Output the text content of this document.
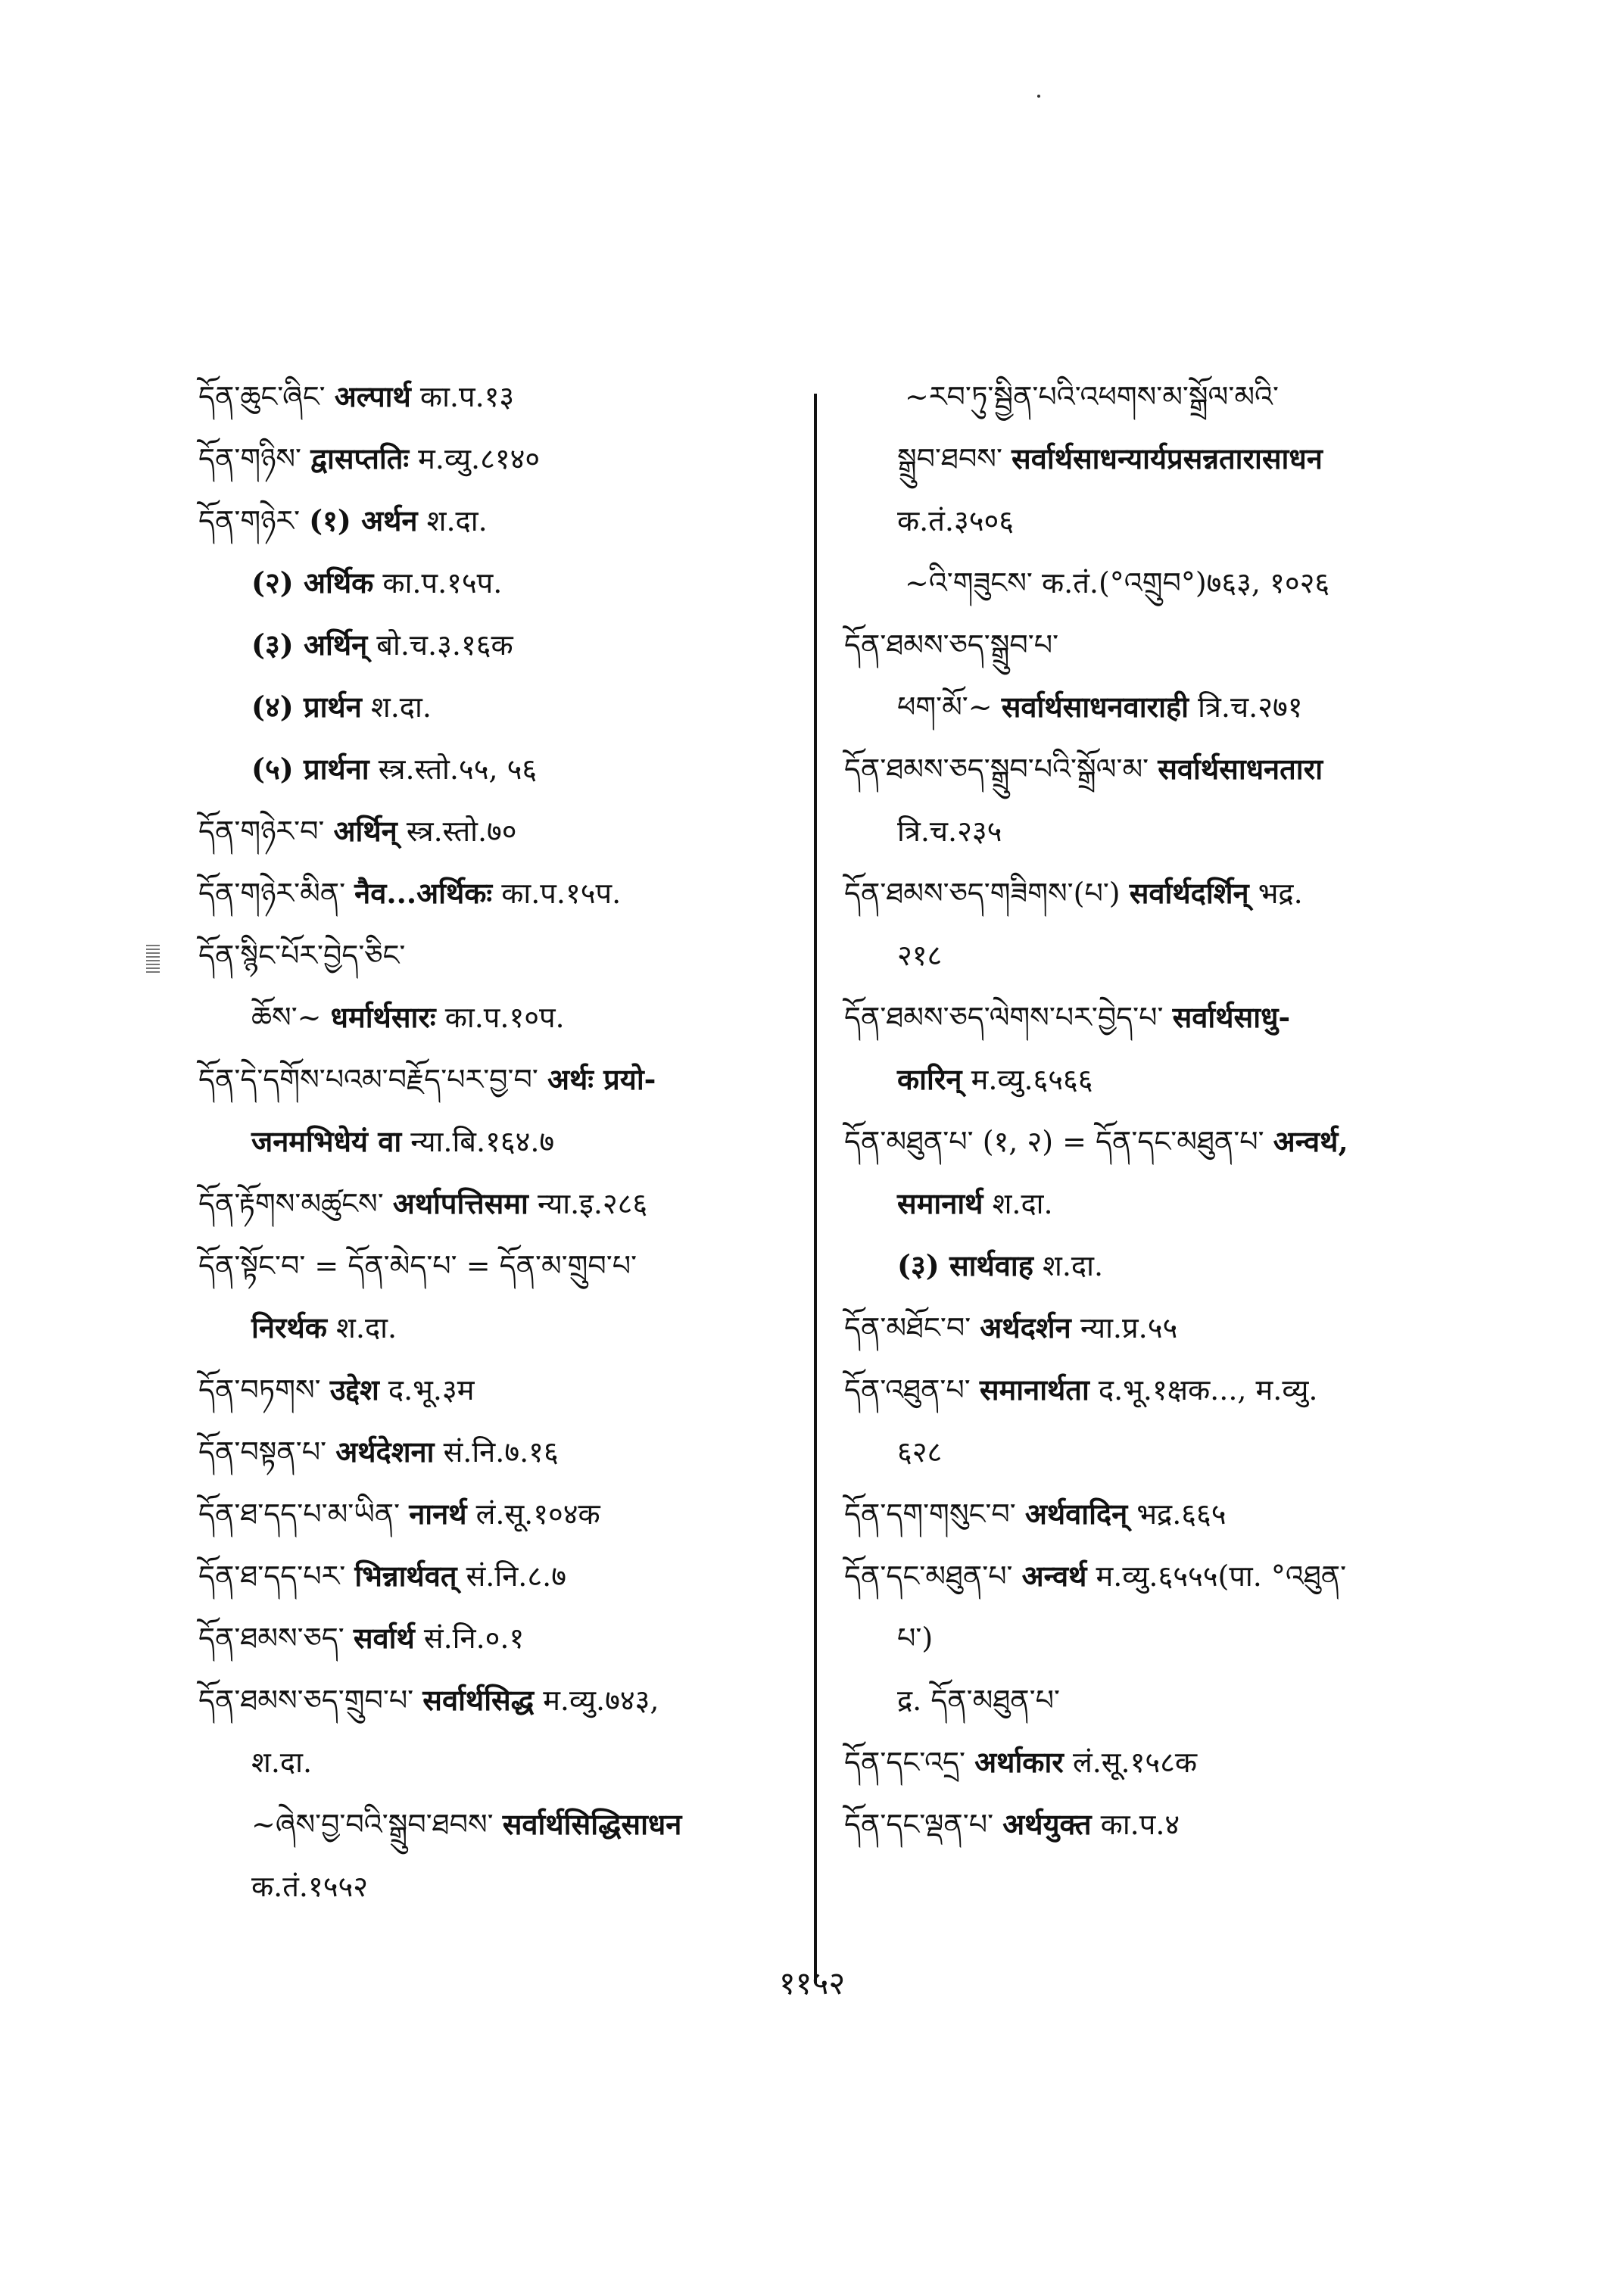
དོན་ཆུང་ཞིང་ अल्पार्थ का.प.१३
དོན་གཉིས་ द्वासप्ततिः म.व्यु.८१४०
དོན་གཉེར་ (१) अर्थन श.दा.
(२) अर्थिक का.प.१५प.
(३) अर्थिन् बो.च.३.१६क
(४) प्रार्थन श.दा.
(५) प्रार्थना स्त्र.स्तो.५५, ५६
དོན་གཉེར་བ་ अर्थिन् स्त्र.स्तो.७०
དོན་གཉེར་མིན་ नैव...अर्थिकः का.प.१५प.
དོན་སྙིང་པོར་བྱེད་ཅིང་
ཆོས་~ धर्मार्थसारः का.प.१०प.
དོན་དེ་དགོས་པའམ་བརྗོད་པར་བྱ་བ་ अर्थः प्रयो-
जनमभिधेयं वा न्या.बि.१६४.७
དོན་རྟོགས་མཚུངས་ अर्थापत्तिसमा न्या.इ.२८६
དོན་སྟོང་བ་ = དོན་མེད་པ་ = དོན་མ་གྲུབ་པ་
निरर्थक श.दा.
དོན་བཏགས་ उद्देश द.भू.३म
དོན་བསྟན་པ་ अर्थदेशना सं.नि.७.१६
དོན་ཐ་དད་པ་མ་ཡིན་ नानर्थ लं.सू.१०४क
དོན་ཐ་དད་པར་ भिन्नार्थवत् सं.नि.८.७
དོན་ཐམས་ཅད་ सर्वार्थ सं.नि.०.१
དོན་ཐམས་ཅད་གྲུབ་པ་ सर्वार्थसिद्ध म.व्यु.७४३,
श.दा.
~ཞེས་བྱ་བའི་སྒྲུབ་ཐབས་ सर्वार्थसिद्धिसाधन
क.तं.१५५२
~རབ་ཏུ་སྦྱིན་པའི་འཕགས་མ་སྒྲོལ་མའི་
སྒྲུབ་ཐབས་ सर्वार्थसाधन्यार्यप्रसन्नतारासाधन
क.तं.३५०६
~འི་གཟུངས་ क.तं.(°འགྲུབ°)७६३, १०२६
དོན་ཐམས་ཅད་སྒྲུབ་པ་
ཕག་མོ་~ सर्वार्थसाधनवाराही त्रि.च.२७१
དོན་ཐམས་ཅད་སྒྲུབ་པའི་སྒྲོལ་མ་ सर्वार्थसाधनतारा
त्रि.च.२३५
དོན་ཐམས་ཅད་གཟིགས་(པ་) सर्वार्थदर्शिन् भद्र.
२१८
དོན་ཐམས་ཅད་ལེགས་པར་བྱེད་པ་ सर्वार्थसाधु-
कारिन् म.व्यु.६५६६
དོན་མཐུན་པ་ (१, २) = དོན་དང་མཐུན་པ་ अन्वर्थ,
समानार्थ श.दा.
(३) सार्थवाह श.दा.
དོན་མཐོང་བ་ अर्थदर्शन न्या.प्र.५५
དོན་འཐུན་པ་ समानार्थता द.भू.१क्षक..., म.व्यु.
६२८
དོན་དག་གསུང་བ་ अर्थवादिन् भद्र.६६५
དོན་དང་མཐུན་པ་ अन्वर्थ म.व्यु.६५५५(पा. °འཐུན་
པ་)
द्र. དོན་མཐུན་པ་
དོན་དང་འདྲ་ अर्थाकार लं.सू.१५८क
དོན་དང་ལྡན་པ་ अर्थयुक्त का.प.४
११५२
